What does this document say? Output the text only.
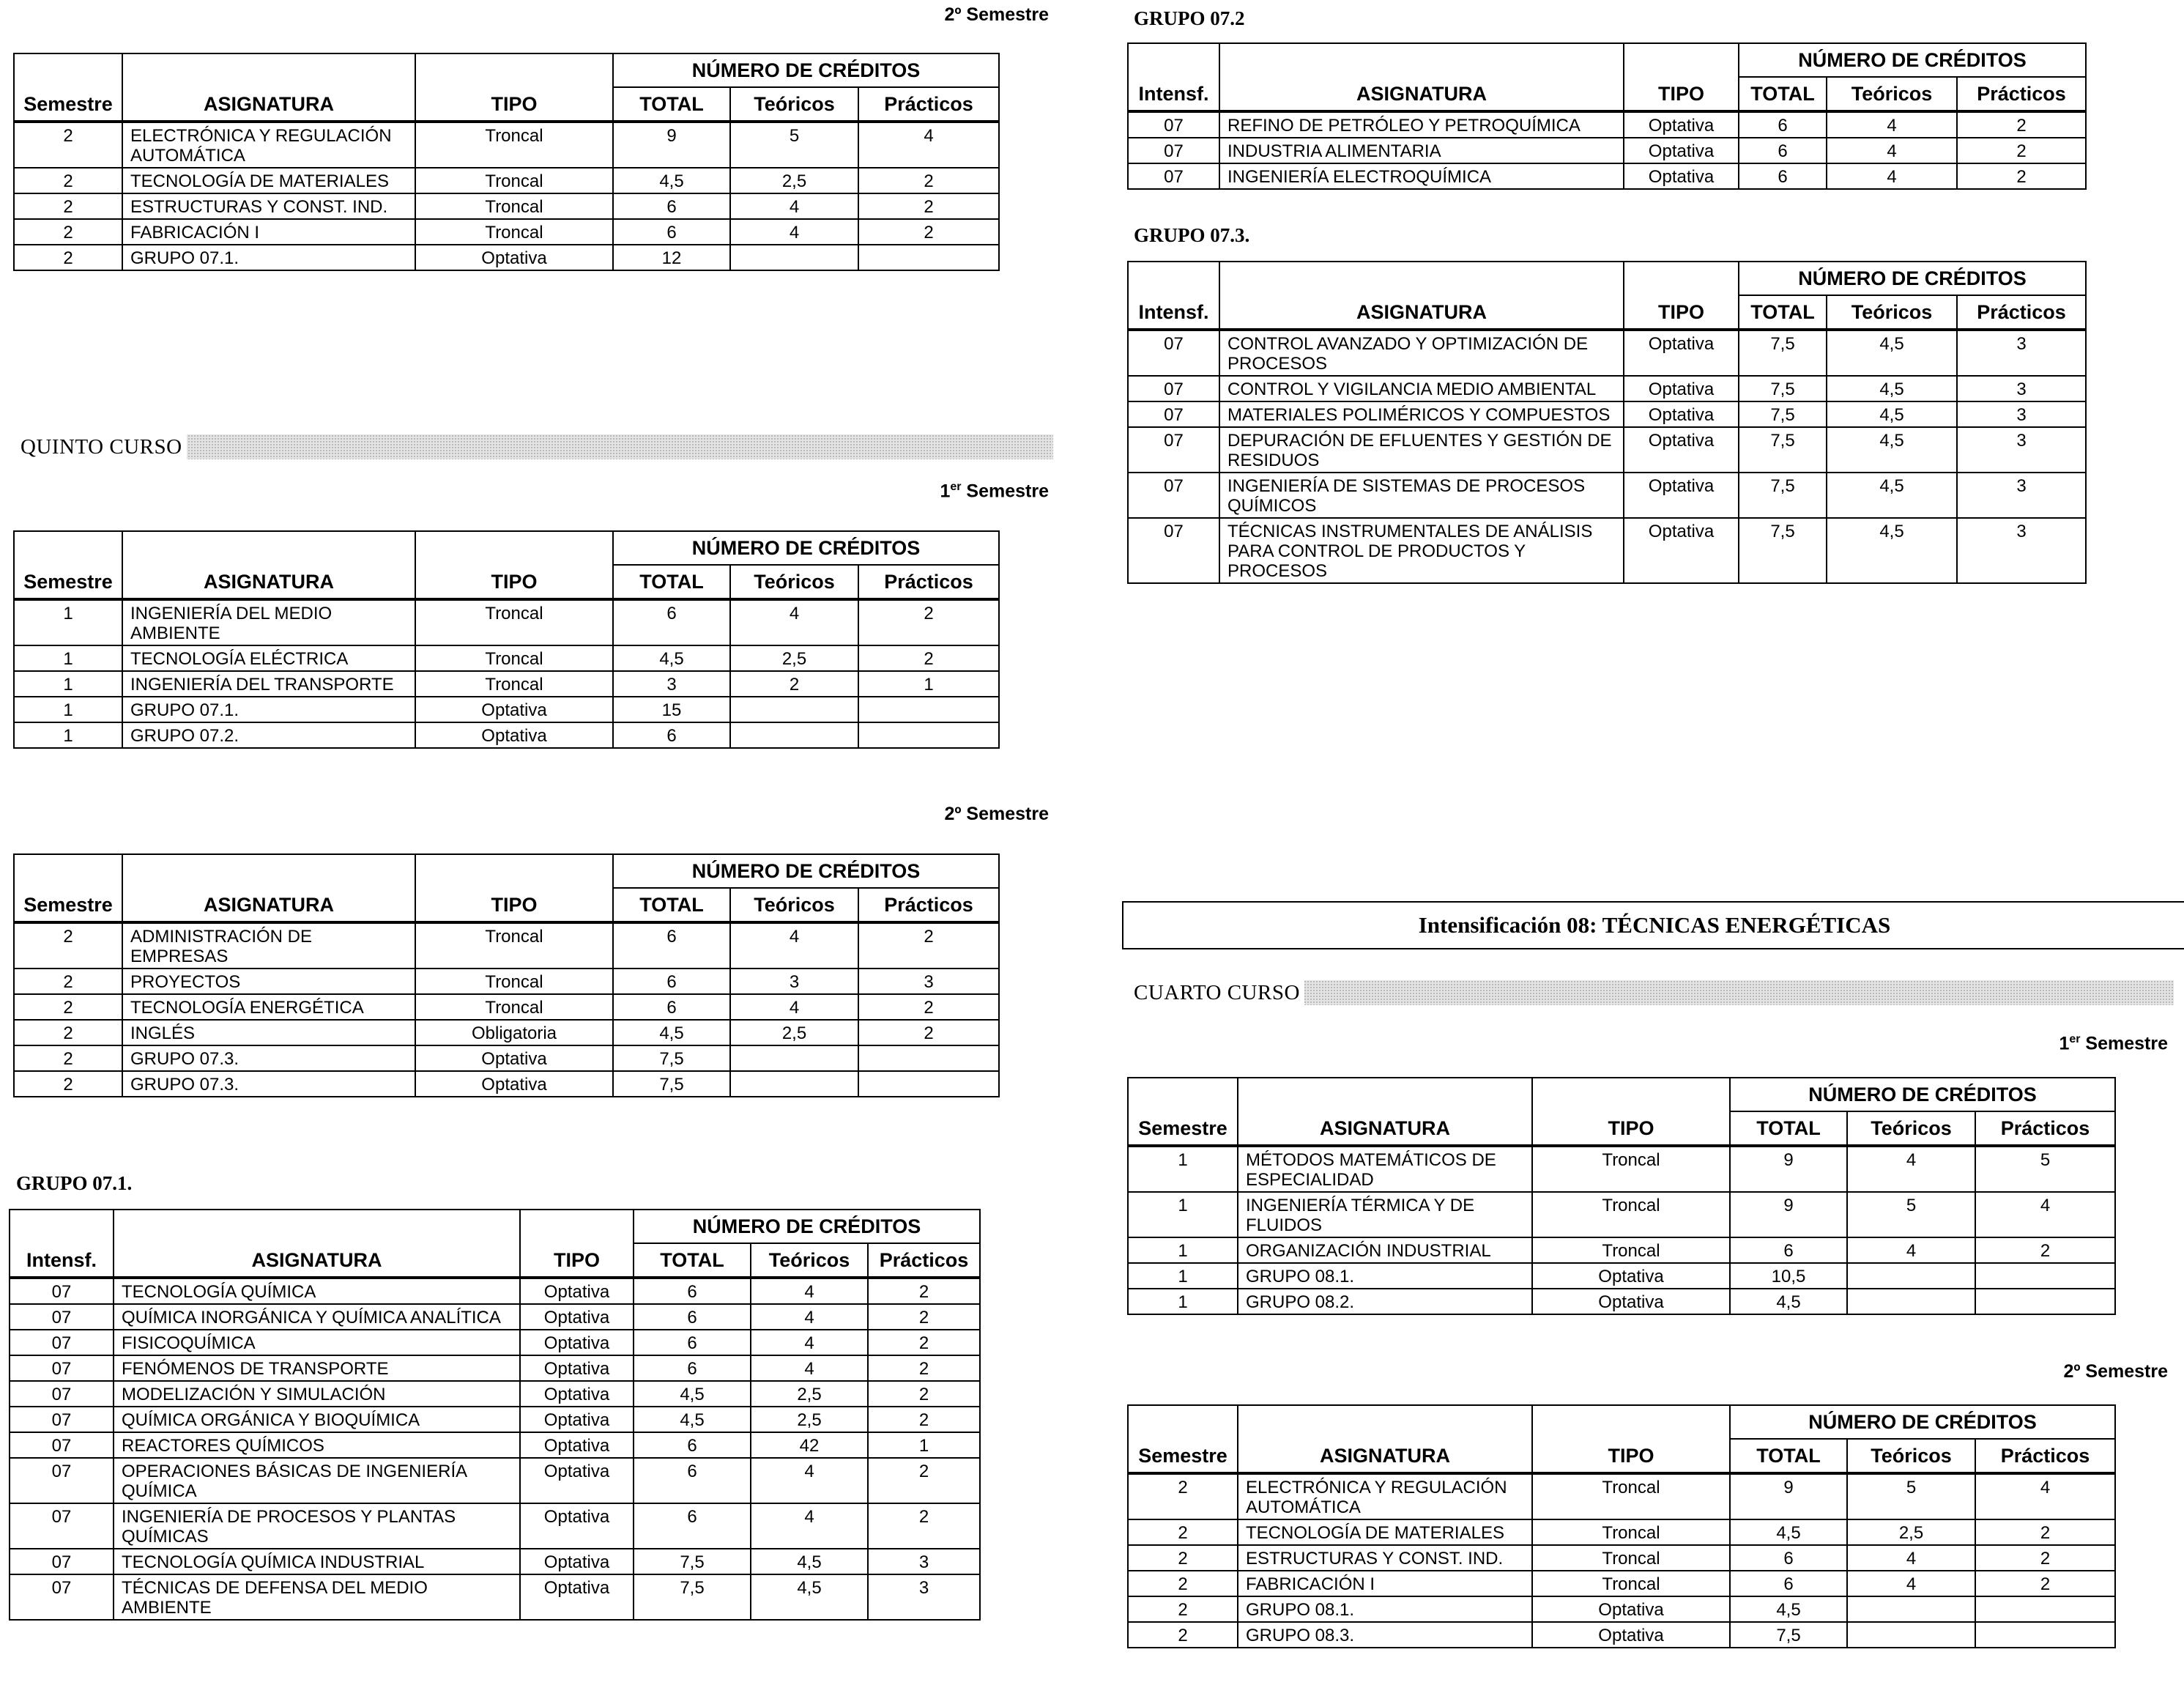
2º Semestre
Semestre	ASIGNATURA	TIPO	NÚMERO DE CRÉDITOS		
			TOTAL	Teóricos	Prácticos
2	ELECTRÓNICA Y REGULACIÓN AUTOMÁTICA	Troncal	9	5	4
2	TECNOLOGÍA DE MATERIALES	Troncal	4,5	2,5	2
2	ESTRUCTURAS Y CONST. IND.	Troncal	6	4	2
2	FABRICACIÓN I	Troncal	6	4	2
2	GRUPO 07.1.	Optativa	12		
QUINTO CURSO
1er Semestre
Semestre	ASIGNATURA	TIPO	NÚMERO DE CRÉDITOS		
			TOTAL	Teóricos	Prácticos
1	INGENIERÍA DEL MEDIO AMBIENTE	Troncal	6	4	2
1	TECNOLOGÍA ELÉCTRICA	Troncal	4,5	2,5	2
1	INGENIERÍA DEL TRANSPORTE	Troncal	3	2	1
1	GRUPO 07.1.	Optativa	15		
1	GRUPO 07.2.	Optativa	6		
2º Semestre
Semestre	ASIGNATURA	TIPO	NÚMERO DE CRÉDITOS		
			TOTAL	Teóricos	Prácticos
2	ADMINISTRACIÓN DE EMPRESAS	Troncal	6	4	2
2	PROYECTOS	Troncal	6	3	3
2	TECNOLOGÍA ENERGÉTICA	Troncal	6	4	2
2	INGLÉS	Obligatoria	4,5	2,5	2
2	GRUPO 07.3.	Optativa	7,5		
2	GRUPO 07.3.	Optativa	7,5		
GRUPO 07.1.
Intensf.	ASIGNATURA	TIPO	NÚMERO DE CRÉDITOS		
			TOTAL	Teóricos	Prácticos
07	TECNOLOGÍA QUÍMICA	Optativa	6	4	2
07	QUÍMICA INORGÁNICA Y QUÍMICA ANALÍTICA	Optativa	6	4	2
07	FISICOQUÍMICA	Optativa	6	4	2
07	FENÓMENOS DE TRANSPORTE	Optativa	6	4	2
07	MODELIZACIÓN Y SIMULACIÓN	Optativa	4,5	2,5	2
07	QUÍMICA ORGÁNICA Y BIOQUÍMICA	Optativa	4,5	2,5	2
07	REACTORES QUÍMICOS	Optativa	6	42	1
07	OPERACIONES BÁSICAS DE INGENIERÍA QUÍMICA	Optativa	6	4	2
07	INGENIERÍA DE PROCESOS Y PLANTAS QUÍMICAS	Optativa	6	4	2
07	TECNOLOGÍA QUÍMICA INDUSTRIAL	Optativa	7,5	4,5	3
07	TÉCNICAS DE DEFENSA DEL MEDIO AMBIENTE	Optativa	7,5	4,5	3
GRUPO 07.2
Intensf.	ASIGNATURA	TIPO	NÚMERO DE CRÉDITOS		
			TOTAL	Teóricos	Prácticos
07	REFINO DE PETRÓLEO Y PETROQUÍMICA	Optativa	6	4	2
07	INDUSTRIA ALIMENTARIA	Optativa	6	4	2
07	INGENIERÍA ELECTROQUÍMICA	Optativa	6	4	2
GRUPO 07.3.
Intensf.	ASIGNATURA	TIPO	NÚMERO DE CRÉDITOS		
			TOTAL	Teóricos	Prácticos
07	CONTROL AVANZADO Y OPTIMIZACIÓN DE PROCESOS	Optativa	7,5	4,5	3
07	CONTROL Y VIGILANCIA MEDIO AMBIENTAL	Optativa	7,5	4,5	3
07	MATERIALES POLIMÉRICOS Y COMPUESTOS	Optativa	7,5	4,5	3
07	DEPURACIÓN DE EFLUENTES Y GESTIÓN DE RESIDUOS	Optativa	7,5	4,5	3
07	INGENIERÍA DE SISTEMAS DE PROCESOS QUÍMICOS	Optativa	7,5	4,5	3
07	TÉCNICAS INSTRUMENTALES DE ANÁLISIS PARA CONTROL DE PRODUCTOS Y PROCESOS	Optativa	7,5	4,5	3
Intensificación 08: TÉCNICAS ENERGÉTICAS
CUARTO CURSO
1er Semestre
Semestre	ASIGNATURA	TIPO	NÚMERO DE CRÉDITOS		
			TOTAL	Teóricos	Prácticos
1	MÉTODOS MATEMÁTICOS DE ESPECIALIDAD	Troncal	9	4	5
1	INGENIERÍA TÉRMICA Y DE FLUIDOS	Troncal	9	5	4
1	ORGANIZACIÓN INDUSTRIAL	Troncal	6	4	2
1	GRUPO 08.1.	Optativa	10,5		
1	GRUPO 08.2.	Optativa	4,5		
2º Semestre
Semestre	ASIGNATURA	TIPO	NÚMERO DE CRÉDITOS		
			TOTAL	Teóricos	Prácticos
2	ELECTRÓNICA Y REGULACIÓN AUTOMÁTICA	Troncal	9	5	4
2	TECNOLOGÍA DE MATERIALES	Troncal	4,5	2,5	2
2	ESTRUCTURAS Y CONST. IND.	Troncal	6	4	2
2	FABRICACIÓN I	Troncal	6	4	2
2	GRUPO 08.1.	Optativa	4,5		
2	GRUPO 08.3.	Optativa	7,5		
